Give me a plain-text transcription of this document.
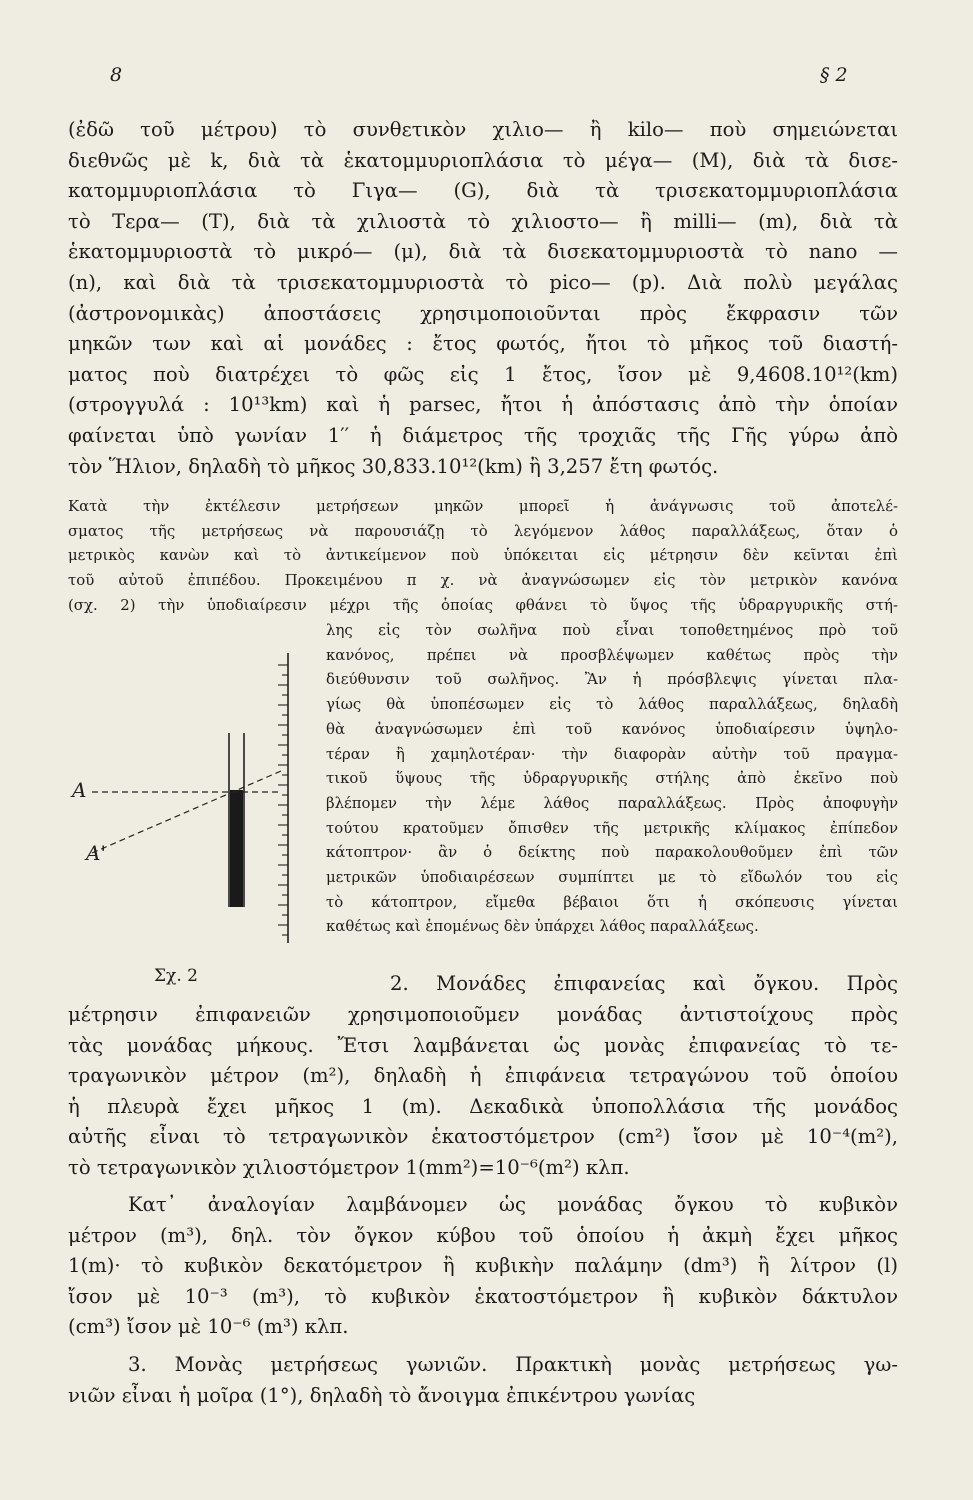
8	§ 2
(ἐδῶ τοῦ μέτρου) τὸ συνθετικὸν χιλιο— ἢ kilo— ποὺ σημειώνεται
διεθνῶς μὲ k, διὰ τὰ ἑκατομμυριοπλάσια τὸ μέγα— (M), διὰ τὰ δισε-
κατομμυριοπλάσια τὸ Γιγα— (G), διὰ τὰ τρισεκατομμυριοπλάσια
τὸ Τερα— (T), διὰ τὰ χιλιοστὰ τὸ χιλιοστο— ἢ milli— (m), διὰ τὰ
ἑκατομμυριοστὰ τὸ μικρό— (μ), διὰ τὰ δισεκατομμυριοστὰ τὸ nano —
(n), καὶ διὰ τὰ τρισεκατομμυριοστὰ τὸ pico— (p). Διὰ πολὺ μεγάλας
(ἀστρονομικὰς) ἀποστάσεις χρησιμοποιοῦνται πρὸς ἔκφρασιν τῶν
μηκῶν των καὶ αἱ μονάδες : ἔτος φωτός, ἤτοι τὸ μῆκος τοῦ διαστή-
ματος ποὺ διατρέχει τὸ φῶς εἰς 1 ἔτος, ἴσον μὲ 9,4608.10¹²(km)
(στρογγυλά : 10¹³km) καὶ ἡ parsec, ἤτοι ἡ ἀπόστασις ἀπὸ τὴν ὁποίαν
φαίνεται ὑπὸ γωνίαν 1′′ ἡ διάμετρος τῆς τροχιᾶς τῆς Γῆς γύρω ἀπὸ
τὸν Ἥλιον, δηλαδὴ τὸ μῆκος 30,833.10¹²(km) ἢ 3,257 ἔτη φωτός.
Κατὰ τὴν ἐκτέλεσιν μετρήσεων μηκῶν μπορεῖ ἡ ἀνάγνωσις τοῦ ἀποτελέ-
σματος τῆς μετρήσεως νὰ παρουσιάζῃ τὸ λεγόμενον λάθος παραλλάξεως, ὅταν ὁ
μετρικὸς κανὼν καὶ τὸ ἀντικείμενον ποὺ ὑπόκειται εἰς μέτρησιν δὲν κεῖνται ἐπὶ
τοῦ αὐτοῦ ἐπιπέδου. Προκειμένου π χ. νὰ ἀναγνώσωμεν εἰς τὸν μετρικὸν κανόνα
(σχ. 2) τὴν ὑποδιαίρεσιν μέχρι τῆς ὁποίας φθάνει τὸ ὕψος τῆς ὑδραργυρικῆς στή-
λης εἰς τὸν σωλῆνα ποὺ εἶναι τοποθετημένος πρὸ τοῦ
κανόνος, πρέπει νὰ προσβλέψωμεν καθέτως πρὸς τὴν
διεύθυνσιν τοῦ σωλῆνος. Ἂν ἡ πρόσβλεψις γίνεται πλα-
γίως θὰ ὑποπέσωμεν εἰς τὸ λάθος παραλλάξεως, δηλαδὴ
θὰ ἀναγνώσωμεν ἐπὶ τοῦ κανόνος ὑποδιαίρεσιν ὑψηλο-
τέραν ἢ χαμηλοτέραν· τὴν διαφορὰν αὐτὴν τοῦ πραγμα-
τικοῦ ὕψους τῆς ὑδραργυρικῆς στήλης ἀπὸ ἐκεῖνο ποὺ
βλέπομεν τὴν λέμε λάθος παραλλάξεως. Πρὸς ἀποφυγὴν
τούτου κρατοῦμεν ὄπισθεν τῆς μετρικῆς κλίμακος ἐπίπεδον
κάτοπτρον· ἂν ὁ δείκτης ποὺ παρακολουθοῦμεν ἐπὶ τῶν
μετρικῶν ὑποδιαιρέσεων συμπίπτει με τὸ εἴδωλόν του εἰς
τὸ κάτοπτρον, εἴμεθα βέβαιοι ὅτι ἡ σκόπευσις γίνεται
καθέτως καὶ ἑπομένως δὲν ὑπάρχει λάθος παραλλάξεως.
A
A'
Σχ. 2	2. Μονάδες ἐπιφανείας καὶ ὄγκου. Πρὸς
μέτρησιν ἐπιφανειῶν χρησιμοποιοῦμεν μονάδας ἀντιστοίχους πρὸς
τὰς μονάδας μήκους. Ἔτσι λαμβάνεται ὡς μονὰς ἐπιφανείας τὸ τε-
τραγωνικὸν μέτρον (m²), δηλαδὴ ἡ ἐπιφάνεια τετραγώνου τοῦ ὁποίου
ἡ πλευρὰ ἔχει μῆκος 1 (m). Δεκαδικὰ ὑποπολλάσια τῆς μονάδος
αὐτῆς εἶναι τὸ τετραγωνικὸν ἑκατοστόμετρον (cm²) ἴσον μὲ 10⁻⁴(m²),
τὸ τετραγωνικὸν χιλιοστόμετρον 1(mm²)=10⁻⁶(m²) κλπ.
Κατ᾽ ἀναλογίαν λαμβάνομεν ὡς μονάδας ὄγκου τὸ κυβικὸν
μέτρον (m³), δηλ. τὸν ὄγκον κύβου τοῦ ὁποίου ἡ ἀκμὴ ἔχει μῆκος
1(m)· τὸ κυβικὸν δεκατόμετρον ἢ κυβικὴν παλάμην (dm³) ἢ λίτρον (l)
ἴσον μὲ 10⁻³ (m³), τὸ κυβικὸν ἑκατοστόμετρον ἢ κυβικὸν δάκτυλον
(cm³) ἴσον μὲ 10⁻⁶ (m³) κλπ.
3. Μονὰς μετρήσεως γωνιῶν. Πρακτικὴ μονὰς μετρήσεως γω-
νιῶν εἶναι ἡ μοῖρα (1°), δηλαδὴ τὸ ἄνοιγμα ἐπικέντρου γωνίας
